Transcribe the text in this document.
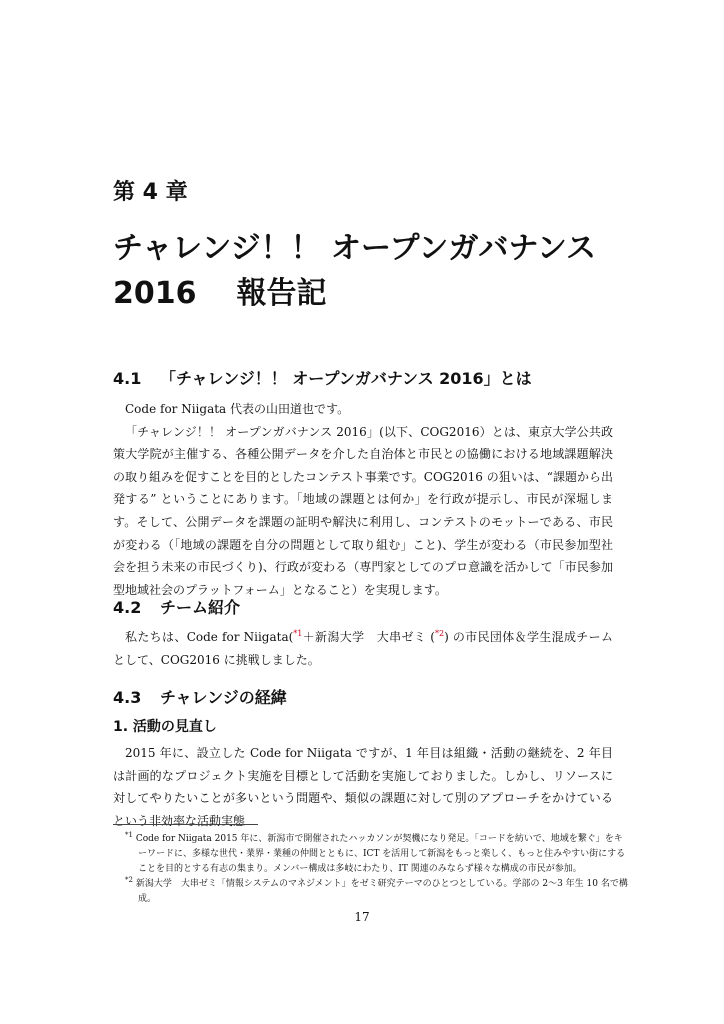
第 4 章
チャレンジ！！ オープンガバナンス
2016 報告記
4.1 「チャレンジ！！ オープンガバナンス 2016」とは

Code for Niigata 代表の山田道也です。

「チャレンジ！！ オープンガバナンス 2016」(以下、COG2016）とは、東京大学公共政策大学院が主催する、各種公開データを介した自治体と市民との協働における地域課題解決の取り組みを促すことを目的としたコンテスト事業です。COG2016 の狙いは、“課題から出発する” ということにあります。「地域の課題とは何か」を行政が提示し、市民が深堀します。そして、公開データを課題の証明や解決に利用し、コンテストのモットーである、市民が変わる（「地域の課題を自分の問題として取り組む」こと)、学生が変わる（市民参加型社会を担う未来の市民づくり)、行政が変わる（専門家としてのプロ意識を活かして「市民参加型地域社会のプラットフォーム」となること）を実現します。

4.2 チーム紹介

私たちは、Code for Niigata($^{*1}$＋新潟大学　大串ゼミ ($^{*2}$) の市民団体＆学生混成チームとして、COG2016 に挑戦しました。

4.3 チャレンジの経緯
1. 活動の見直し

2015 年に、設立した Code for Niigata ですが、1 年目は組織・活動の継続を、2 年目は計画的なプロジェクト実施を目標として活動を実施しておりました。しかし、リソースに対してやりたいことが多いという問題や、類似の課題に対して別のアプローチをかけているという非効率な活動実態

$^{*1}$ Code for Niigata 2015 年に、新潟市で開催されたハッカソンが契機になり発足。「コードを紡いで、地域を繋ぐ」をキーワードに、多様な世代・業界・業種の仲間とともに、ICT を活用して新潟をもっと楽しく、もっと住みやすい街にすることを目的とする有志の集まり。メンバー構成は多岐にわたり、IT 関連のみならず様々な構成の市民が参加。
$^{*2}$ 新潟大学　大串ゼミ「情報システムのマネジメント」をゼミ研究テーマのひとつとしている。学部の 2〜3 年生 10 名で構成。
17
